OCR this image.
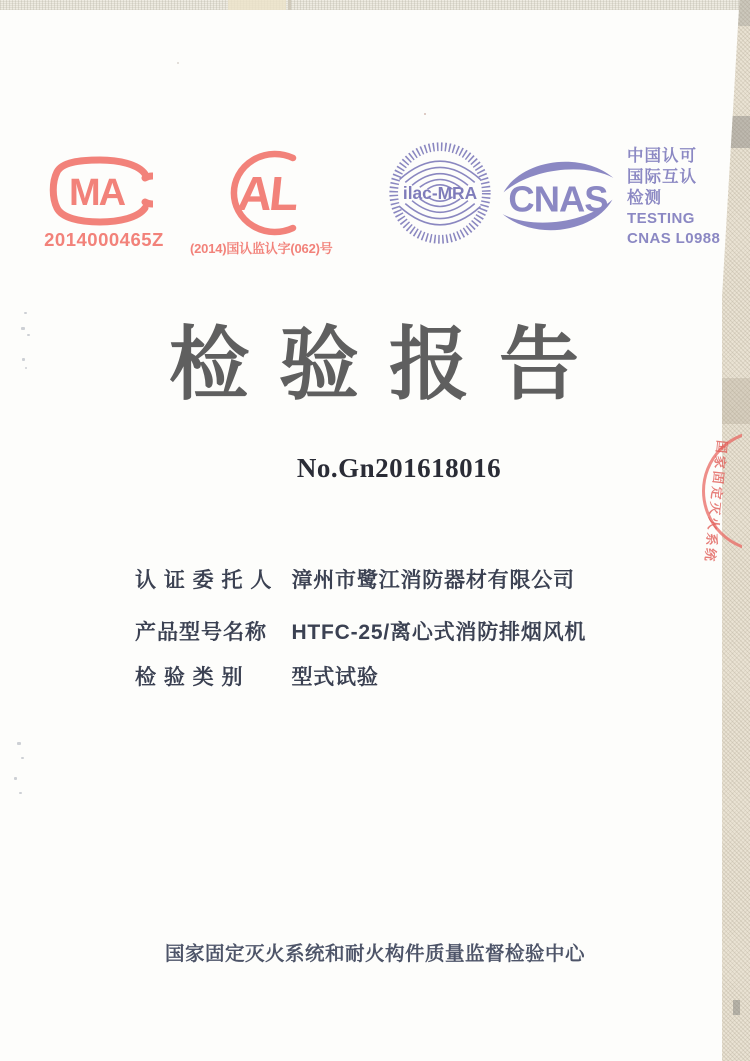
MA
2014000465Z
AL
(2014)国认监认字(062)号
ilac-MRA CNAS
中国认可
国际互认
检测
TESTING
CNAS L0988
检验报告
No.Gn201618016
认 证 委 托 人 漳州市鹭江消防器材有限公司
产品型号名称 HTFC-25/离心式消防排烟风机
检 验 类 别 型式试验
国家固定灭火系统和耐火构件质量监督检验中心
国家固定灭火系统
